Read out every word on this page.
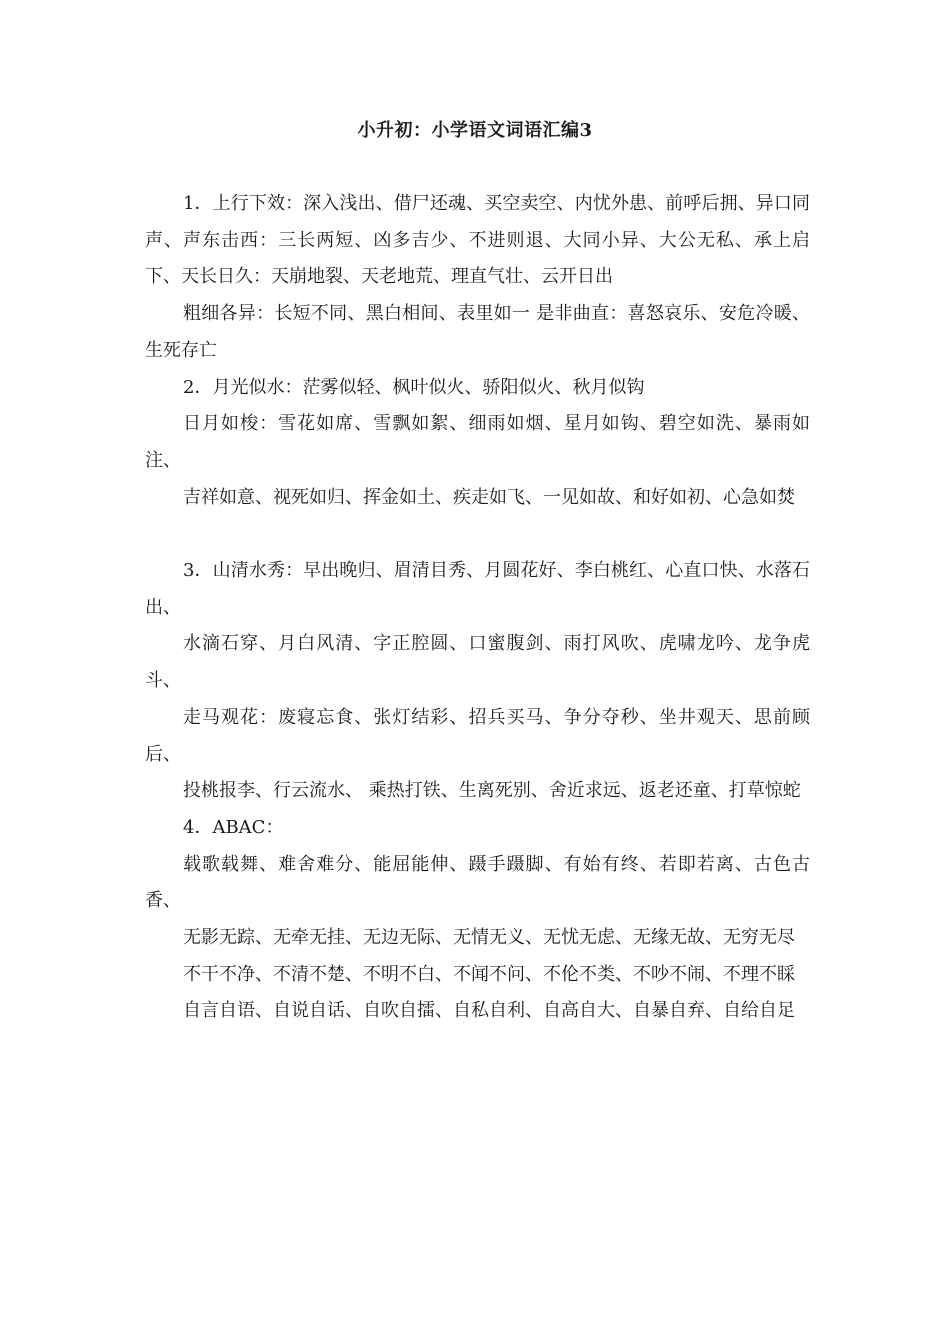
小升初：小学语文词语汇编3

1．上行下效：深入浅出、借尸还魂、买空卖空、内忧外患、前呼后拥、异口同声、声东击西：三长两短、凶多吉少、不进则退、大同小异、大公无私、承上启下、天长日久：天崩地裂、天老地荒、理直气壮、云开日出

粗细各异：长短不同、黑白相间、表里如一 是非曲直：喜怒哀乐、安危冷暖、生死存亡

2．月光似水：茫雾似轻、枫叶似火、骄阳似火、秋月似钩

日月如梭：雪花如席、雪飘如絮、细雨如烟、星月如钩、碧空如洗、暴雨如注、

吉祥如意、视死如归、挥金如土、疾走如飞、一见如故、和好如初、心急如焚

3．山清水秀：早出晚归、眉清目秀、月圆花好、李白桃红、心直口快、水落石出、

水滴石穿、月白风清、字正腔圆、口蜜腹剑、雨打风吹、虎啸龙吟、龙争虎斗、

走马观花：废寝忘食、张灯结彩、招兵买马、争分夺秒、坐井观天、思前顾后、

投桃报李、行云流水、 乘热打铁、生离死别、舍近求远、返老还童、打草惊蛇

4．ABAC：

载歌载舞、难舍难分、能屈能伸、蹑手蹑脚、有始有终、若即若离、古色古香、

无影无踪、无牵无挂、无边无际、无情无义、无忧无虑、无缘无故、无穷无尽

不干不净、不清不楚、不明不白、不闻不问、不伦不类、不吵不闹、不理不睬

自言自语、自说自话、自吹自擂、自私自利、自高自大、自暴自弃、自给自足
